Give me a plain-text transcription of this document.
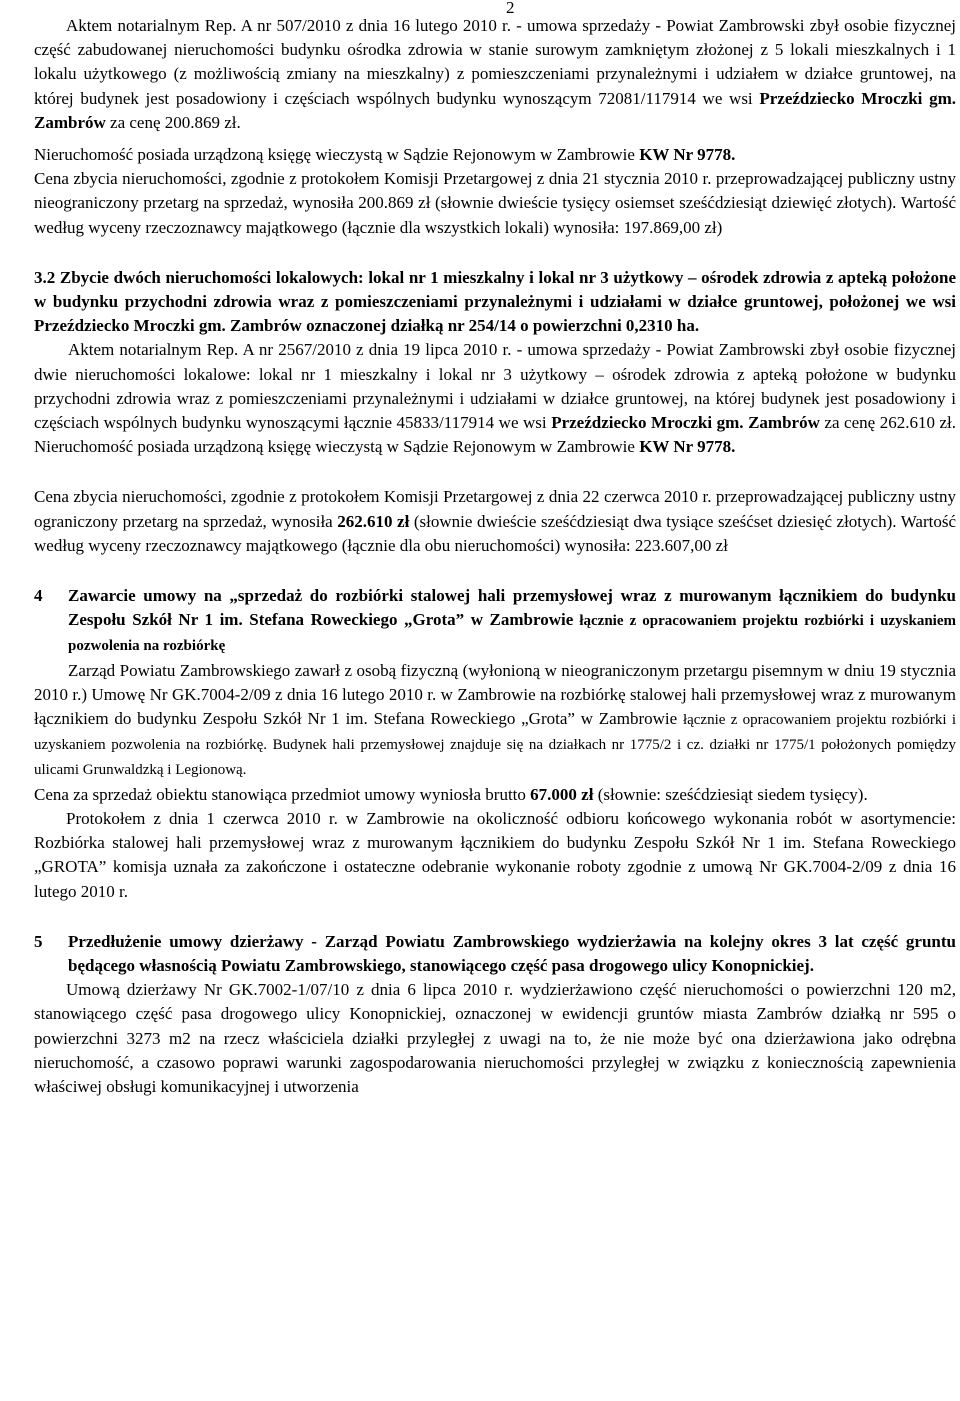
2

Aktem notarialnym Rep. A nr 507/2010 z dnia 16 lutego 2010 r. - umowa sprzedaży - Powiat Zambrowski zbył osobie fizycznej część zabudowanej nieruchomości budynku ośrodka zdrowia w stanie surowym zamkniętym złożonej z 5 lokali mieszkalnych i 1 lokalu użytkowego (z możliwością zmiany na mieszkalny) z pomieszczeniami przynależnymi i udziałem w działce gruntowej, na której budynek jest posadowiony i częściach wspólnych budynku wynoszącym 72081/117914 we wsi Przeździecko Mroczki gm. Zambrów za cenę 200.869 zł.

Nieruchomość posiada urządzoną księgę wieczystą w Sądzie Rejonowym w Zambrowie KW Nr 9778.

Cena zbycia nieruchomości, zgodnie z protokołem Komisji Przetargowej z dnia 21 stycznia 2010 r. przeprowadzającej publiczny ustny nieograniczony przetarg na sprzedaż, wynosiła 200.869 zł (słownie dwieście tysięcy osiemset sześćdziesiąt dziewięć złotych). Wartość według wyceny rzeczoznawcy majątkowego (łącznie dla wszystkich lokali) wynosiła: 197.869,00 zł)

3.2 Zbycie dwóch nieruchomości lokalowych: lokal nr 1 mieszkalny i lokal nr 3 użytkowy – ośrodek zdrowia z apteką położone w budynku przychodni zdrowia wraz z pomieszczeniami przynależnymi i udziałami w działce gruntowej, położonej we wsi Przeździecko Mroczki gm. Zambrów oznaczonej działką nr 254/14 o powierzchni 0,2310 ha.

Aktem notarialnym Rep. A nr 2567/2010 z dnia 19 lipca 2010 r. - umowa sprzedaży - Powiat Zambrowski zbył osobie fizycznej dwie nieruchomości lokalowe: lokal nr 1 mieszkalny i lokal nr 3 użytkowy – ośrodek zdrowia z apteką położone w budynku przychodni zdrowia wraz z pomieszczeniami przynależnymi i udziałami w działce gruntowej, na której budynek jest posadowiony i częściach wspólnych budynku wynoszącymi łącznie 45833/117914 we wsi Przeździecko Mroczki gm. Zambrów za cenę 262.610 zł. Nieruchomość posiada urządzoną księgę wieczystą w Sądzie Rejonowym w Zambrowie KW Nr 9778.

Cena zbycia nieruchomości, zgodnie z protokołem Komisji Przetargowej z dnia 22 czerwca 2010 r. przeprowadzającej publiczny ustny ograniczony przetarg na sprzedaż, wynosiła 262.610 zł (słownie dwieście sześćdziesiąt dwa tysiące sześćset dziesięć złotych). Wartość według wyceny rzeczoznawcy majątkowego (łącznie dla obu nieruchomości) wynosiła: 223.607,00 zł

4	Zawarcie umowy na „sprzedaż do rozbiórki stalowej hali przemysłowej wraz z murowanym łącznikiem do budynku Zespołu Szkół Nr 1 im. Stefana Roweckiego „Grota” w Zambrowie łącznie z opracowaniem projektu rozbiórki i uzyskaniem pozwolenia na rozbiórkę

Zarząd Powiatu Zambrowskiego zawarł z osobą fizyczną (wyłonioną w nieograniczonym przetargu pisemnym w dniu 19 stycznia 2010 r.) Umowę Nr GK.7004-2/09 z dnia 16 lutego 2010 r. w Zambrowie na rozbiórkę stalowej hali przemysłowej wraz z murowanym łącznikiem do budynku Zespołu Szkół Nr 1 im. Stefana Roweckiego „Grota” w Zambrowie łącznie z opracowaniem projektu rozbiórki i uzyskaniem pozwolenia na rozbiórkę. Budynek hali przemysłowej znajduje się na działkach nr 1775/2 i cz. działki nr 1775/1 położonych pomiędzy ulicami Grunwaldzką i Legionową.

Cena za sprzedaż obiektu stanowiąca przedmiot umowy wyniosła brutto 67.000 zł (słownie: sześćdziesiąt siedem tysięcy).

Protokołem z dnia 1 czerwca 2010 r. w Zambrowie na okoliczność odbioru końcowego wykonania robót w asortymencie: Rozbiórka stalowej hali przemysłowej wraz z murowanym łącznikiem do budynku Zespołu Szkół Nr 1 im. Stefana Roweckiego „GROTA” komisja uznała za zakończone i ostateczne odebranie wykonanie roboty zgodnie z umową Nr GK.7004-2/09 z dnia 16 lutego 2010 r.

5	Przedłużenie umowy dzierżawy - Zarząd Powiatu Zambrowskiego wydzierżawia na kolejny okres 3 lat część gruntu będącego własnością Powiatu Zambrowskiego, stanowiącego część pasa drogowego ulicy Konopnickiej.

Umową dzierżawy Nr GK.7002-1/07/10 z dnia 6 lipca 2010 r. wydzierżawiono część nieruchomości o powierzchni 120 m2, stanowiącego część pasa drogowego ulicy Konopnickiej, oznaczonej w ewidencji gruntów miasta Zambrów działką nr 595 o powierzchni 3273 m2 na rzecz właściciela działki przyległej z uwagi na to, że nie może być ona dzierżawiona jako odrębna nieruchomość, a czasowo poprawi warunki zagospodarowania nieruchomości przyległej w związku z koniecznością zapewnienia właściwej obsługi komunikacyjnej i utworzenia
